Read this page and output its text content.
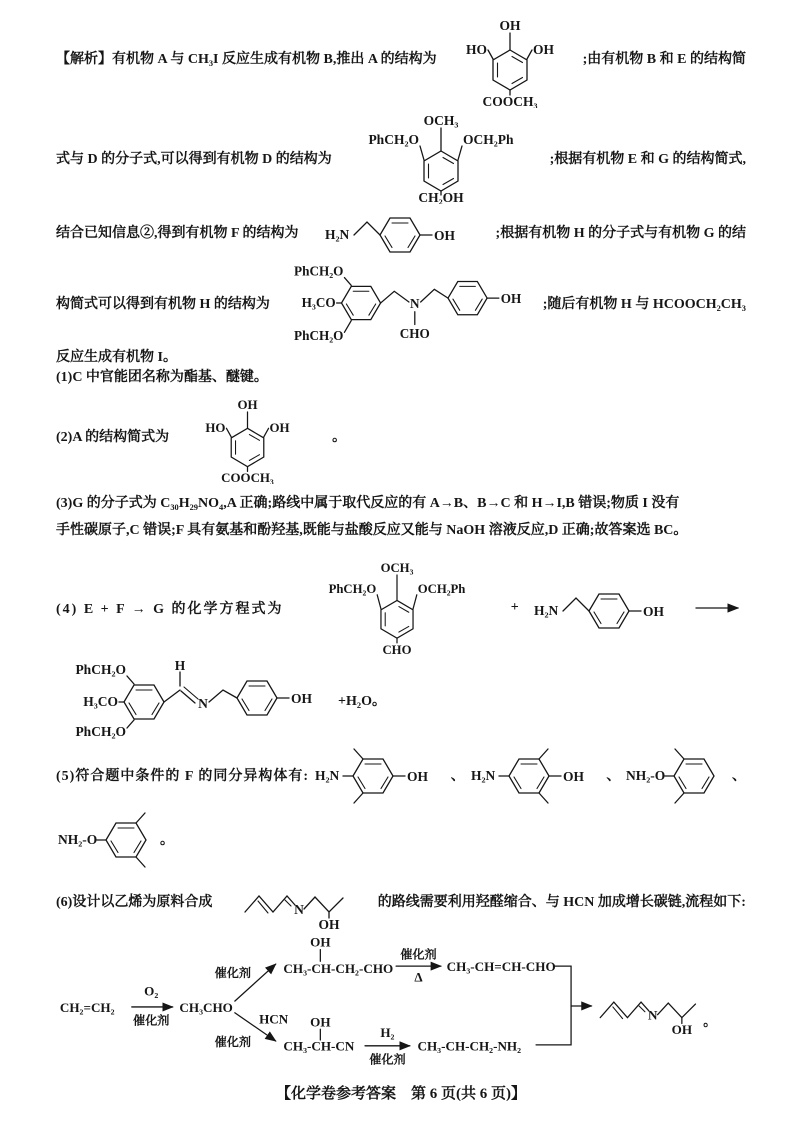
【解析】有机物 A 与 CH₃I 反应生成有机物 B,推出 A 的结构为
OH
HO	OH
COOCH₃
;由有机物 B 和 E 的结构简
式与 D 的分子式,可以得到有机物 D 的结构为
OCH₃
PhCH₂O	OCH₂Ph
CH₂OH
;根据有机物 E 和 G 的结构简式,
结合已知信息②,得到有机物 F 的结构为 H₂N	OH	;根据有机物 H 的分子式与有机物 G 的结
构简式可以得到有机物 H 的结构为
PhCH₂O
H₃CO
PhCH₂O
N
CHO
OH ;随后有机物 H 与 HCOOCH₂CH₃

反应生成有机物 I。

(1)C 中官能团名称为酯基、醚键。

(2)A 的结构简式为
OH
HO	OH
COOCH₃
。

(3)G 的分子式为 C₃₀H₂₉NO₄,A 正确;路线中属于取代反应的有 A→B、B→C 和 H→I,B 错误;物质 I 没有

手性碳原子,C 错误;F 具有氨基和酚羟基,既能与盐酸反应又能与 NaOH 溶液反应,D 正确;故答案选 BC。

(4) E + F → G 的化学方程式为
OCH₃
PhCH₂O	OCH₂Ph
CHO
+ H₂N	OH
PhCH₂O
H₃CO
PhCH₂O
H
N	OH +H₂O。
(5)符合题中条件的 F 的同分异构体有: H₂N	OH 、 H₂N	OH 、 NH₂-O	、
NH₂-O	。
(6)设计以乙烯为原料合成	的路线需要利用羟醛缩合、与 HCN 加成增长碳链,流程如下:
CH₂=CH₂
O₂
催化剂
CH₃CHO
催化剂 CH₃-CH-CH₂-CHO
OH
催化剂
Δ
CH₃-CH=CH-CHO
HCN
催化剂 CH₃-CH-CN
OH
H₂
催化剂
CH₃-CH-CH₂-NH₂
。
【化学卷参考答案　第 6 页(共 6 页)】
